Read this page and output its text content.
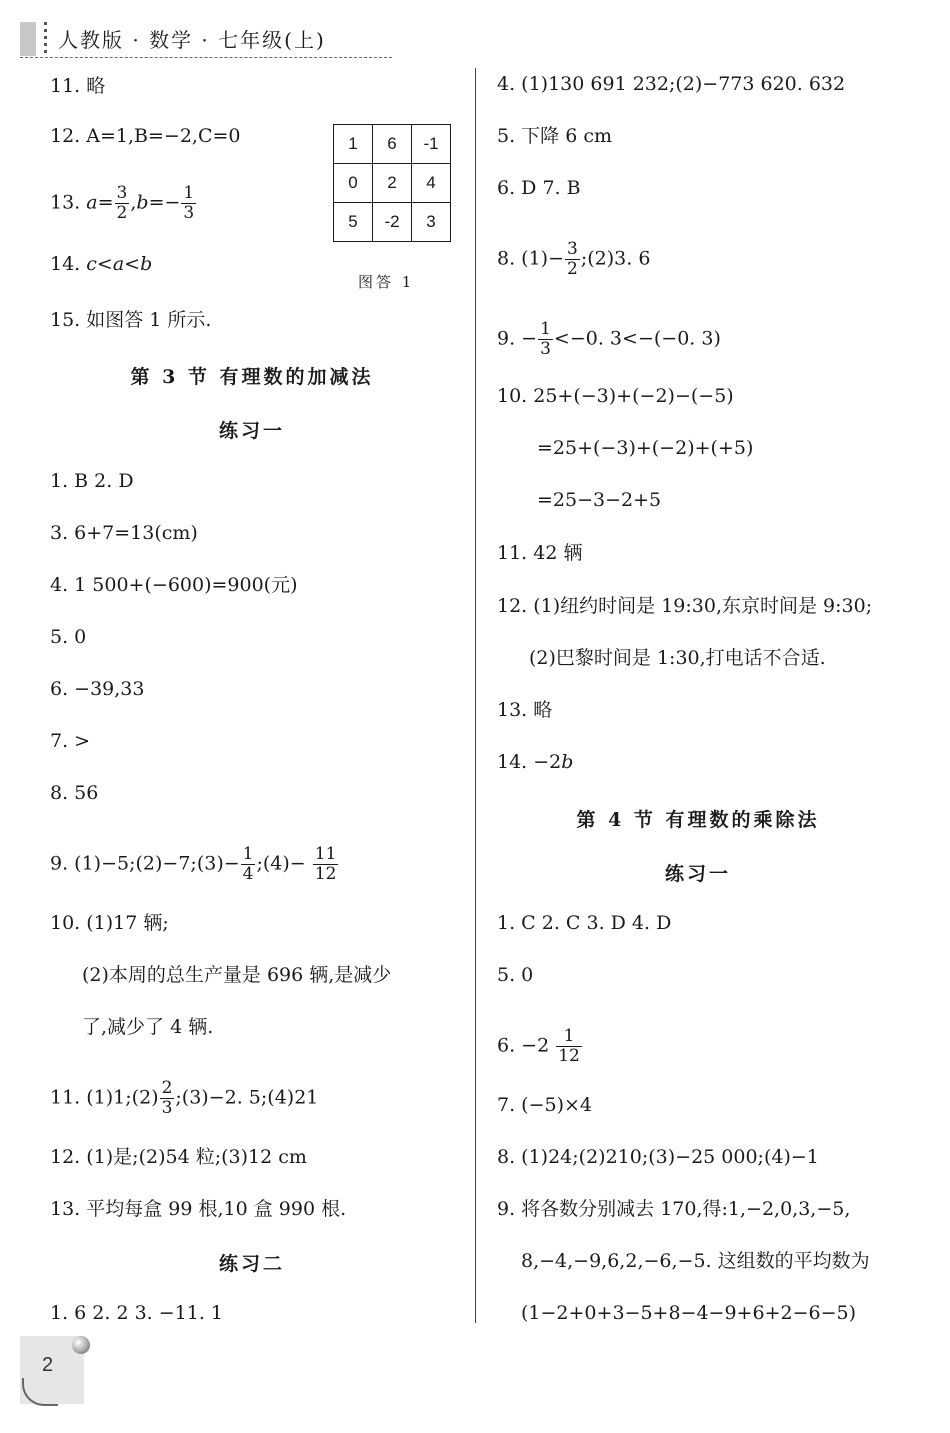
人教版 · 数学 · 七年级(上)
11. 略
12. A=1,B=−2,C=0
13. $a= \frac{3}{2} ,b=- \frac{1}{3}$
14. c<a<b
15. 如图答 1 所示.
第 3 节 有理数的加减法
练习一
1. B 2. D
3. 6+7=13(cm)
4. 1 500+(−600)=900(元)
5. 0
6. −39,33
7. >
8. 56
9. (1)−5;(2)−7;(3)− $\frac{1}{4}$ ;(4)− $\frac{11}{12}$
10. (1)17 辆;
(2)本周的总生产量是 696 辆,是减少
了,减少了 4 辆.
11. (1)1;(2) $\frac{2}{3}$ ;(3)−2. 5;(4)21
12. (1)是;(2)54 粒;(3)12 cm
13. 平均每盒 99 根,10 盒 990 根.
练习二
1. 6 2. 2 3. −11. 1
1	6	-1
0	2	4
5	-2	3
图答 1
4. (1)130 691 232;(2)−773 620. 632
5. 下降 6 cm
6. D 7. B
8. $(1)- \frac{3}{2}$ ;(2)3. 6
9. − $\frac{1}{3} <-0$. 3<−(−0. 3)
10. 25+(−3)+(−2)−(−5)
=25+(−3)+(−2)+(+5)
=25−3−2+5
11. 42 辆
12. (1)纽约时间是 19:30,东京时间是 9:30;
(2)巴黎时间是 1:30,打电话不合适.
13. 略
14. −2b
第 4 节 有理数的乘除法
练习一
1. C 2. C 3. D 4. D
5. 0
6. $-2 \frac{1}{12}$
7. (−5)×4
8. (1)24;(2)210;(3)−25 000;(4)−1
9. 将各数分别减去 170,得:1,−2,0,3,−5,
8,−4,−9,6,2,−6,−5. 这组数的平均数为
(1−2+0+3−5+8−4−9+6+2−6−5)
2
